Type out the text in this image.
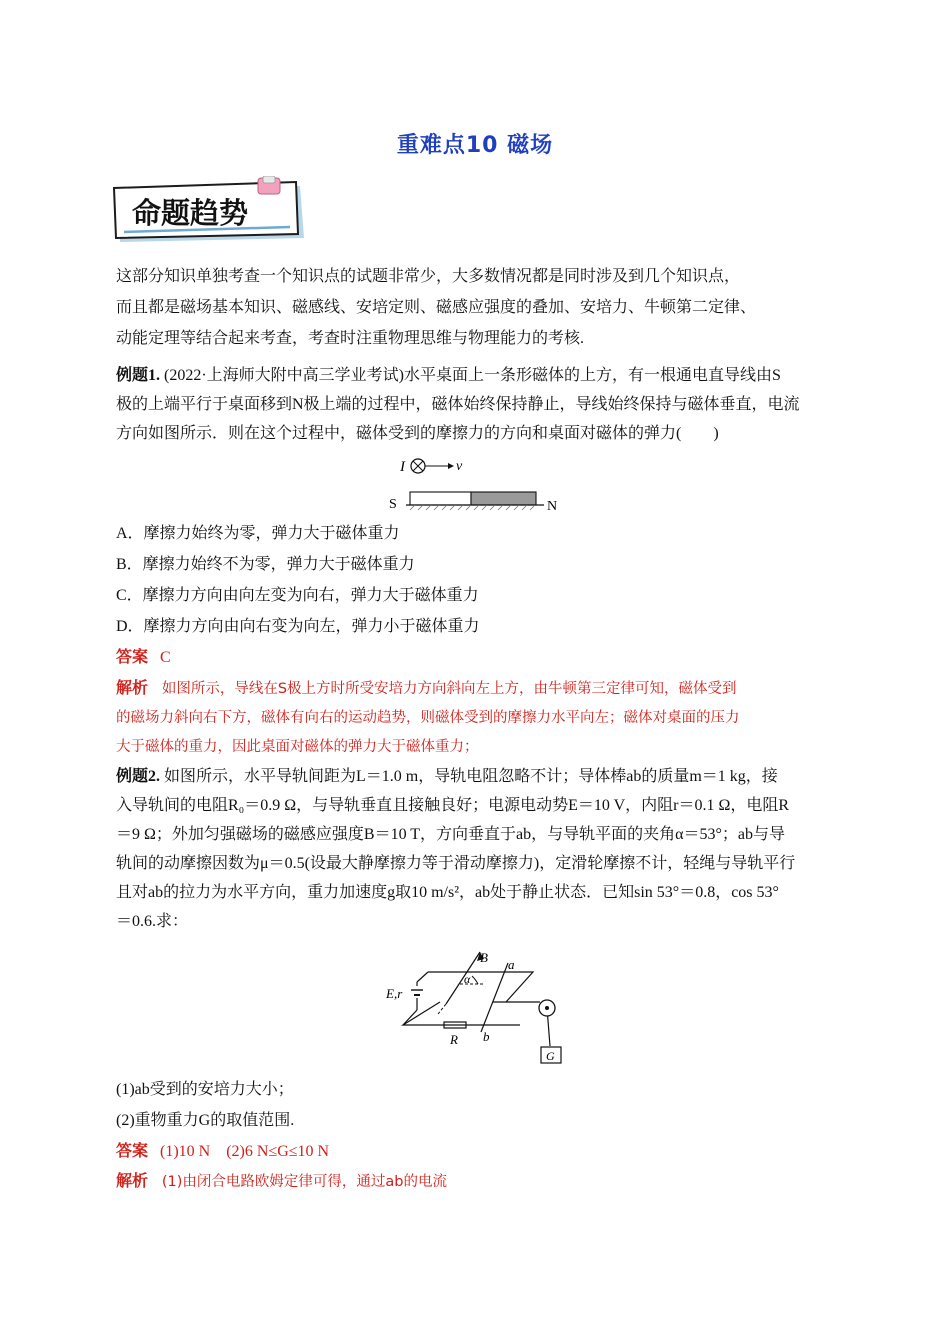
重难点10 磁场
命题趋势
这部分知识单独考查一个知识点的试题非常少，大多数情况都是同时涉及到几个知识点，
而且都是磁场基本知识、磁感线、安培定则、磁感应强度的叠加、安培力、牛顿第二定律、
动能定理等结合起来考查，考查时注重物理思维与物理能力的考核.
例题1. (2022·上海师大附中高三学业考试)水平桌面上一条形磁体的上方，有一根通电直导线由S
极的上端平行于桌面移到N极上端的过程中，磁体始终保持静止，导线始终保持与磁体垂直，电流
方向如图所示．则在这个过程中，磁体受到的摩擦力的方向和桌面对磁体的弹力(　　)
I	v
S	N
A．摩擦力始终为零，弹力大于磁体重力
B．摩擦力始终不为零，弹力大于磁体重力
C．摩擦力方向由向左变为向右，弹力大于磁体重力
D．摩擦力方向由向右变为向左，弹力小于磁体重力
答案 C
解析 如图所示，导线在S极上方时所受安培力方向斜向左上方，由牛顿第三定律可知，磁体受到
的磁场力斜向右下方，磁体有向右的运动趋势，则磁体受到的摩擦力水平向左；磁体对桌面的压力
大于磁体的重力，因此桌面对磁体的弹力大于磁体重力；
例题2. 如图所示，水平导轨间距为L＝1.0 m，导轨电阻忽略不计；导体棒ab的质量m＝1 kg，接
入导轨间的电阻R₀＝0.9 Ω，与导轨垂直且接触良好；电源电动势E＝10 V，内阻r＝0.1 Ω，电阻R
＝9 Ω；外加匀强磁场的磁感应强度B＝10 T，方向垂直于ab，与导轨平面的夹角α＝53°；ab与导
轨间的动摩擦因数为μ＝0.5(设最大静摩擦力等于滑动摩擦力)，定滑轮摩擦不计，轻绳与导轨平行
且对ab的拉力为水平方向，重力加速度g取10 m/s²，ab处于静止状态．已知sin 53°＝0.8，cos 53°
＝0.6.求：
B a
α
E,r
R b
G
(1)ab受到的安培力大小；
(2)重物重力G的取值范围.
答案 (1)10 N　(2)6 N≤G≤10 N
解析 (1)由闭合电路欧姆定律可得，通过ab的电流
